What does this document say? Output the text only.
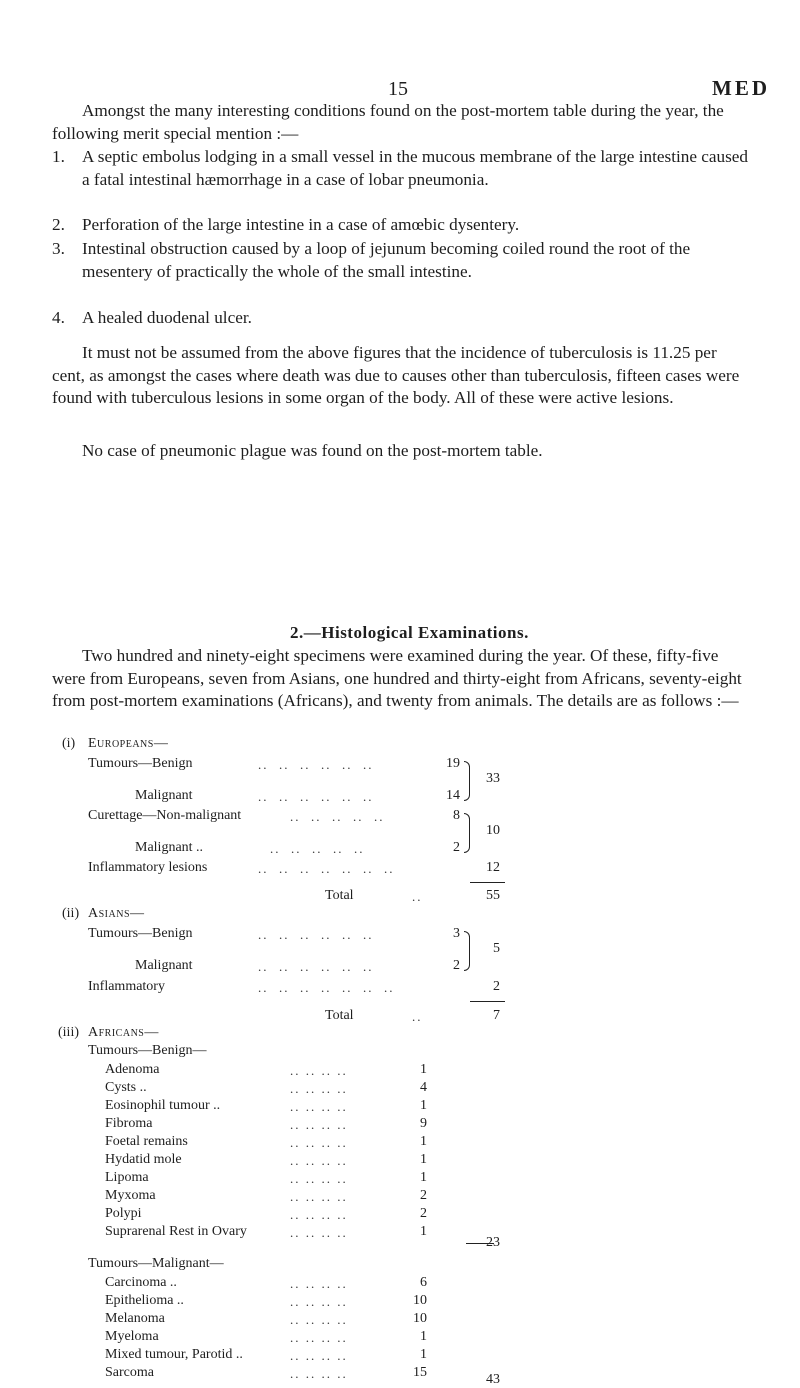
15	MED
Amongst the many interesting conditions found on the post-mortem table during the year, the following merit special mention :—
1. A septic embolus lodging in a small vessel in the mucous membrane of the large intestine caused a fatal intestinal hæmorrhage in a case of lobar pneumonia.
2. Perforation of the large intestine in a case of amœbic dysentery.
3. Intestinal obstruction caused by a loop of jejunum becoming coiled round the root of the mesentery of practically the whole of the small intestine.
4. A healed duodenal ulcer.
It must not be assumed from the above figures that the incidence of tuberculosis is 11.25 per cent, as amongst the cases where death was due to causes other than tuberculosis, fifteen cases were found with tuberculous lesions in some organ of the body. All of these were active lesions.
No case of pneumonic plague was found on the post-mortem table.
2.—Histological Examinations.
Two hundred and ninety-eight specimens were examined during the year. Of these, fifty-five were from Europeans, seven from Asians, one hundred and thirty-eight from Africans, seventy-eight from post-mortem examinations (Africans), and twenty from animals. The details are as follows :—
(i) Europeans—
Tumours—Benign	..  ..  ..  ..  ..  ..	19
Malignant	..  ..  ..  ..  ..  ..	14
33
Curettage—Non-malignant	..  ..  ..  ..  ..	8
Malignant ..	..  ..  ..  ..  ..	2
10
Inflammatory lesions	..  ..  ..  ..  ..  ..  ..	12
Total	..	55
(ii) Asians—
Tumours—Benign	..  ..  ..  ..  ..  ..	3
Malignant	..  ..  ..  ..  ..  ..	2
5
Inflammatory	..  ..  ..  ..  ..  ..  ..	2
Total	..	7
(iii) Africans—
Tumours—Benign—
Adenoma	.. .. .. ..	1
Cysts ..	.. .. .. ..	4
Eosinophil tumour ..	.. .. .. ..	1
Fibroma	.. .. .. ..	9
Foetal remains	.. .. .. ..	1
Hydatid mole	.. .. .. ..	1
Lipoma	.. .. .. ..	1
Myxoma	.. .. .. ..	2
Polypi	.. .. .. ..	2
Suprarenal Rest in Ovary	.. .. .. ..	1
23
Tumours—Malignant—
Carcinoma ..	.. .. .. ..	6
Epithelioma ..	.. .. .. ..	10
Melanoma	.. .. .. ..	10
Myeloma	.. .. .. ..	1
Mixed tumour, Parotid ..	.. .. .. ..	1
Sarcoma	.. .. .. ..	15	43
